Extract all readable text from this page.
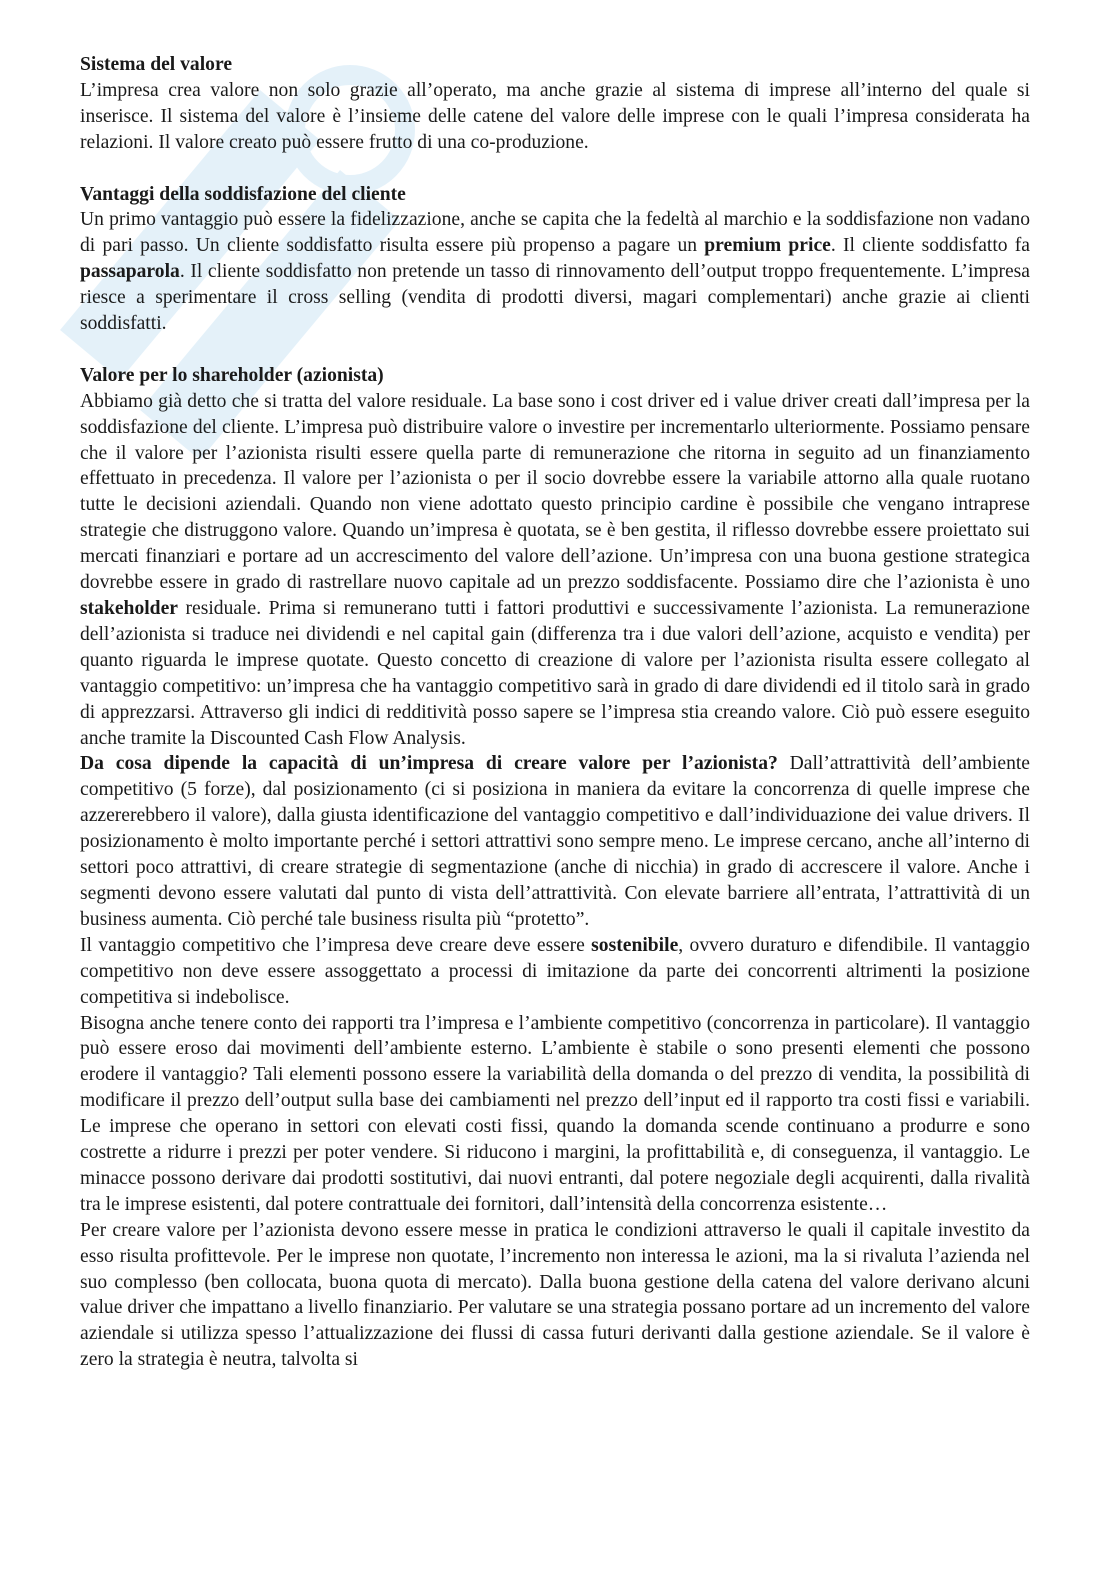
Sistema del valore

L’impresa crea valore non solo grazie all’operato, ma anche grazie al sistema di imprese all’interno del quale si inserisce. Il sistema del valore è l’insieme delle catene del valore delle imprese con le quali l’impresa considerata ha relazioni. Il valore creato può essere frutto di una co-produzione.

Vantaggi della soddisfazione del cliente

Un primo vantaggio può essere la fidelizzazione, anche se capita che la fedeltà al marchio e la soddisfazione non vadano di pari passo. Un cliente soddisfatto risulta essere più propenso a pagare un premium price. Il cliente soddisfatto fa passaparola. Il cliente soddisfatto non pretende un tasso di rinnovamento dell’output troppo frequentemente. L’impresa riesce a sperimentare il cross selling (vendita di prodotti diversi, magari complementari) anche grazie ai clienti soddisfatti.

Valore per lo shareholder (azionista)

Abbiamo già detto che si tratta del valore residuale. La base sono i cost driver ed i value driver creati dall’impresa per la soddisfazione del cliente. L’impresa può distribuire valore o investire per incrementarlo ulteriormente. Possiamo pensare che il valore per l’azionista risulti essere quella parte di remunerazione che ritorna in seguito ad un finanziamento effettuato in precedenza. Il valore per l’azionista o per il socio dovrebbe essere la variabile attorno alla quale ruotano tutte le decisioni aziendali. Quando non viene adottato questo principio cardine è possibile che vengano intraprese strategie che distruggono valore. Quando un’impresa è quotata, se è ben gestita, il riflesso dovrebbe essere proiettato sui mercati finanziari e portare ad un accrescimento del valore dell’azione. Un’impresa con una buona gestione strategica dovrebbe essere in grado di rastrellare nuovo capitale ad un prezzo soddisfacente. Possiamo dire che l’azionista è uno stakeholder residuale. Prima si remunerano tutti i fattori produttivi e successivamente l’azionista. La remunerazione dell’azionista si traduce nei dividendi e nel capital gain (differenza tra i due valori dell’azione, acquisto e vendita) per quanto riguarda le imprese quotate. Questo concetto di creazione di valore per l’azionista risulta essere collegato al vantaggio competitivo: un’impresa che ha vantaggio competitivo sarà in grado di dare dividendi ed il titolo sarà in grado di apprezzarsi. Attraverso gli indici di redditività posso sapere se l’impresa stia creando valore. Ciò può essere eseguito anche tramite la Discounted Cash Flow Analysis.

Da cosa dipende la capacità di un’impresa di creare valore per l’azionista? Dall’attrattività dell’ambiente competitivo (5 forze), dal posizionamento (ci si posiziona in maniera da evitare la concorrenza di quelle imprese che azzererebbero il valore), dalla giusta identificazione del vantaggio competitivo e dall’individuazione dei value drivers. Il posizionamento è molto importante perché i settori attrattivi sono sempre meno. Le imprese cercano, anche all’interno di settori poco attrattivi, di creare strategie di segmentazione (anche di nicchia) in grado di accrescere il valore. Anche i segmenti devono essere valutati dal punto di vista dell’attrattività. Con elevate barriere all’entrata, l’attrattività di un business aumenta. Ciò perché tale business risulta più “protetto”.

Il vantaggio competitivo che l’impresa deve creare deve essere sostenibile, ovvero duraturo e difendibile. Il vantaggio competitivo non deve essere assoggettato a processi di imitazione da parte dei concorrenti altrimenti la posizione competitiva si indebolisce.

Bisogna anche tenere conto dei rapporti tra l’impresa e l’ambiente competitivo (concorrenza in particolare). Il vantaggio può essere eroso dai movimenti dell’ambiente esterno. L’ambiente è stabile o sono presenti elementi che possono erodere il vantaggio? Tali elementi possono essere la variabilità della domanda o del prezzo di vendita, la possibilità di modificare il prezzo dell’output sulla base dei cambiamenti nel prezzo dell’input ed il rapporto tra costi fissi e variabili. Le imprese che operano in settori con elevati costi fissi, quando la domanda scende continuano a produrre e sono costrette a ridurre i prezzi per poter vendere. Si riducono i margini, la profittabilità e, di conseguenza, il vantaggio. Le minacce possono derivare dai prodotti sostitutivi, dai nuovi entranti, dal potere negoziale degli acquirenti, dalla rivalità tra le imprese esistenti, dal potere contrattuale dei fornitori, dall’intensità della concorrenza esistente…

Per creare valore per l’azionista devono essere messe in pratica le condizioni attraverso le quali il capitale investito da esso risulta profittevole. Per le imprese non quotate, l’incremento non interessa le azioni, ma la si rivaluta l’azienda nel suo complesso (ben collocata, buona quota di mercato). Dalla buona gestione della catena del valore derivano alcuni value driver che impattano a livello finanziario. Per valutare se una strategia possano portare ad un incremento del valore aziendale si utilizza spesso l’attualizzazione dei flussi di cassa futuri derivanti dalla gestione aziendale. Se il valore è zero la strategia è neutra, talvolta si
